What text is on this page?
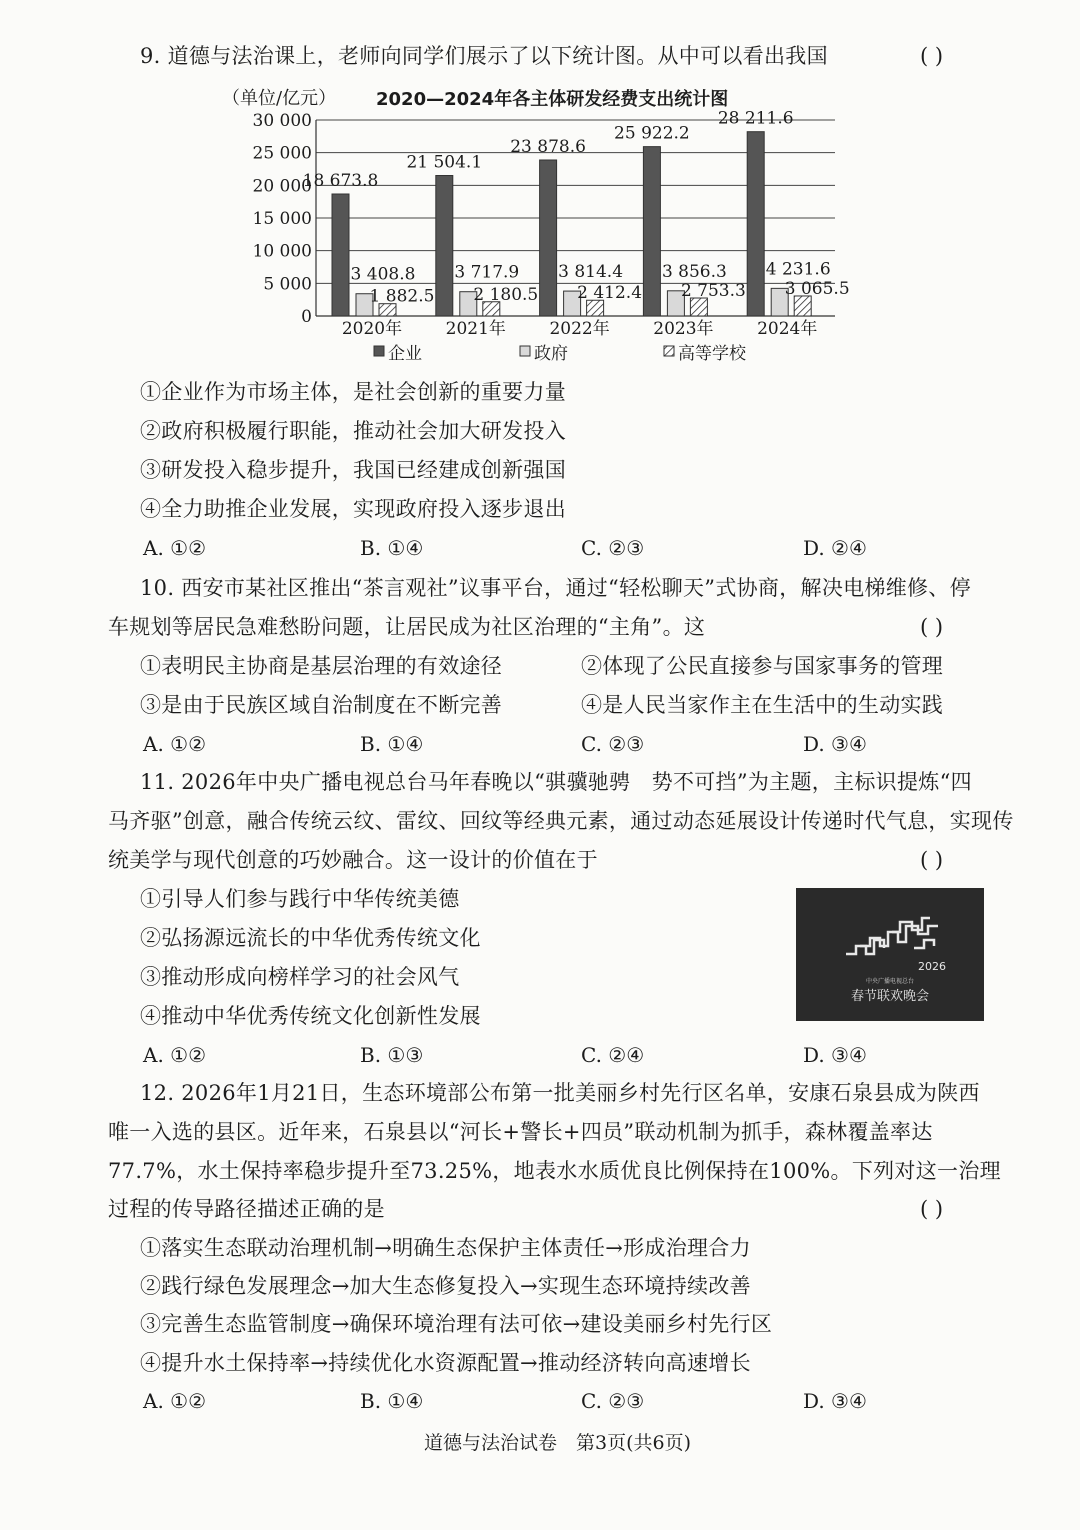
9. 道德与法治课上，老师向同学们展示了以下统计图。从中可以看出我国	( )
（单位/亿元） 2020—2024年各主体研发经费支出统计图
0
5 000
10 000
15 000
20 000
25 000
30 000
18 673.8
3 408.8
1 882.5
2020年
21 504.1
3 717.9
2 180.5
2021年
23 878.6
3 814.4
2 412.4
2022年
25 922.2
3 856.3
2 753.3
2023年
28 211.6
4 231.6
3 065.5
2024年
企业	政府	高等学校
①企业作为市场主体，是社会创新的重要力量
②政府积极履行职能，推动社会加大研发投入
③研发投入稳步提升，我国已经建成创新强国
④全力助推企业发展，实现政府投入逐步退出
A. ①②	B. ①④	C. ②③	D. ②④
10. 西安市某社区推出“茶言观社”议事平台，通过“轻松聊天”式协商，解决电梯维修、停
车规划等居民急难愁盼问题，让居民成为社区治理的“主角”。这	( )
①表明民主协商是基层治理的有效途径	②体现了公民直接参与国家事务的管理
③是由于民族区域自治制度在不断完善	④是人民当家作主在生活中的生动实践
A. ①②	B. ①④	C. ②③	D. ③④
11. 2026年中央广播电视总台马年春晚以“骐骥驰骋　势不可挡”为主题，主标识提炼“四
马齐驱”创意，融合传统云纹、雷纹、回纹等经典元素，通过动态延展设计传递时代气息，实现传
统美学与现代创意的巧妙融合。这一设计的价值在于	( )
①引导人们参与践行中华传统美德
②弘扬源远流长的中华优秀传统文化
③推动形成向榜样学习的社会风气
④推动中华优秀传统文化创新性发展
2026
中央广播电视总台
春节联欢晚会
A. ①②	B. ①③	C. ②④	D. ③④
12. 2026年1月21日，生态环境部公布第一批美丽乡村先行区名单，安康石泉县成为陕西
唯一入选的县区。近年来，石泉县以“河长+警长+四员”联动机制为抓手，森林覆盖率达
77.7%，水土保持率稳步提升至73.25%，地表水水质优良比例保持在100%。下列对这一治理
过程的传导路径描述正确的是	( )
①落实生态联动治理机制→明确生态保护主体责任→形成治理合力
②践行绿色发展理念→加大生态修复投入→实现生态环境持续改善
③完善生态监管制度→确保环境治理有法可依→建设美丽乡村先行区
④提升水土保持率→持续优化水资源配置→推动经济转向高速增长
A. ①②	B. ①④	C. ②③	D. ③④
道德与法治试卷　第3页(共6页)
